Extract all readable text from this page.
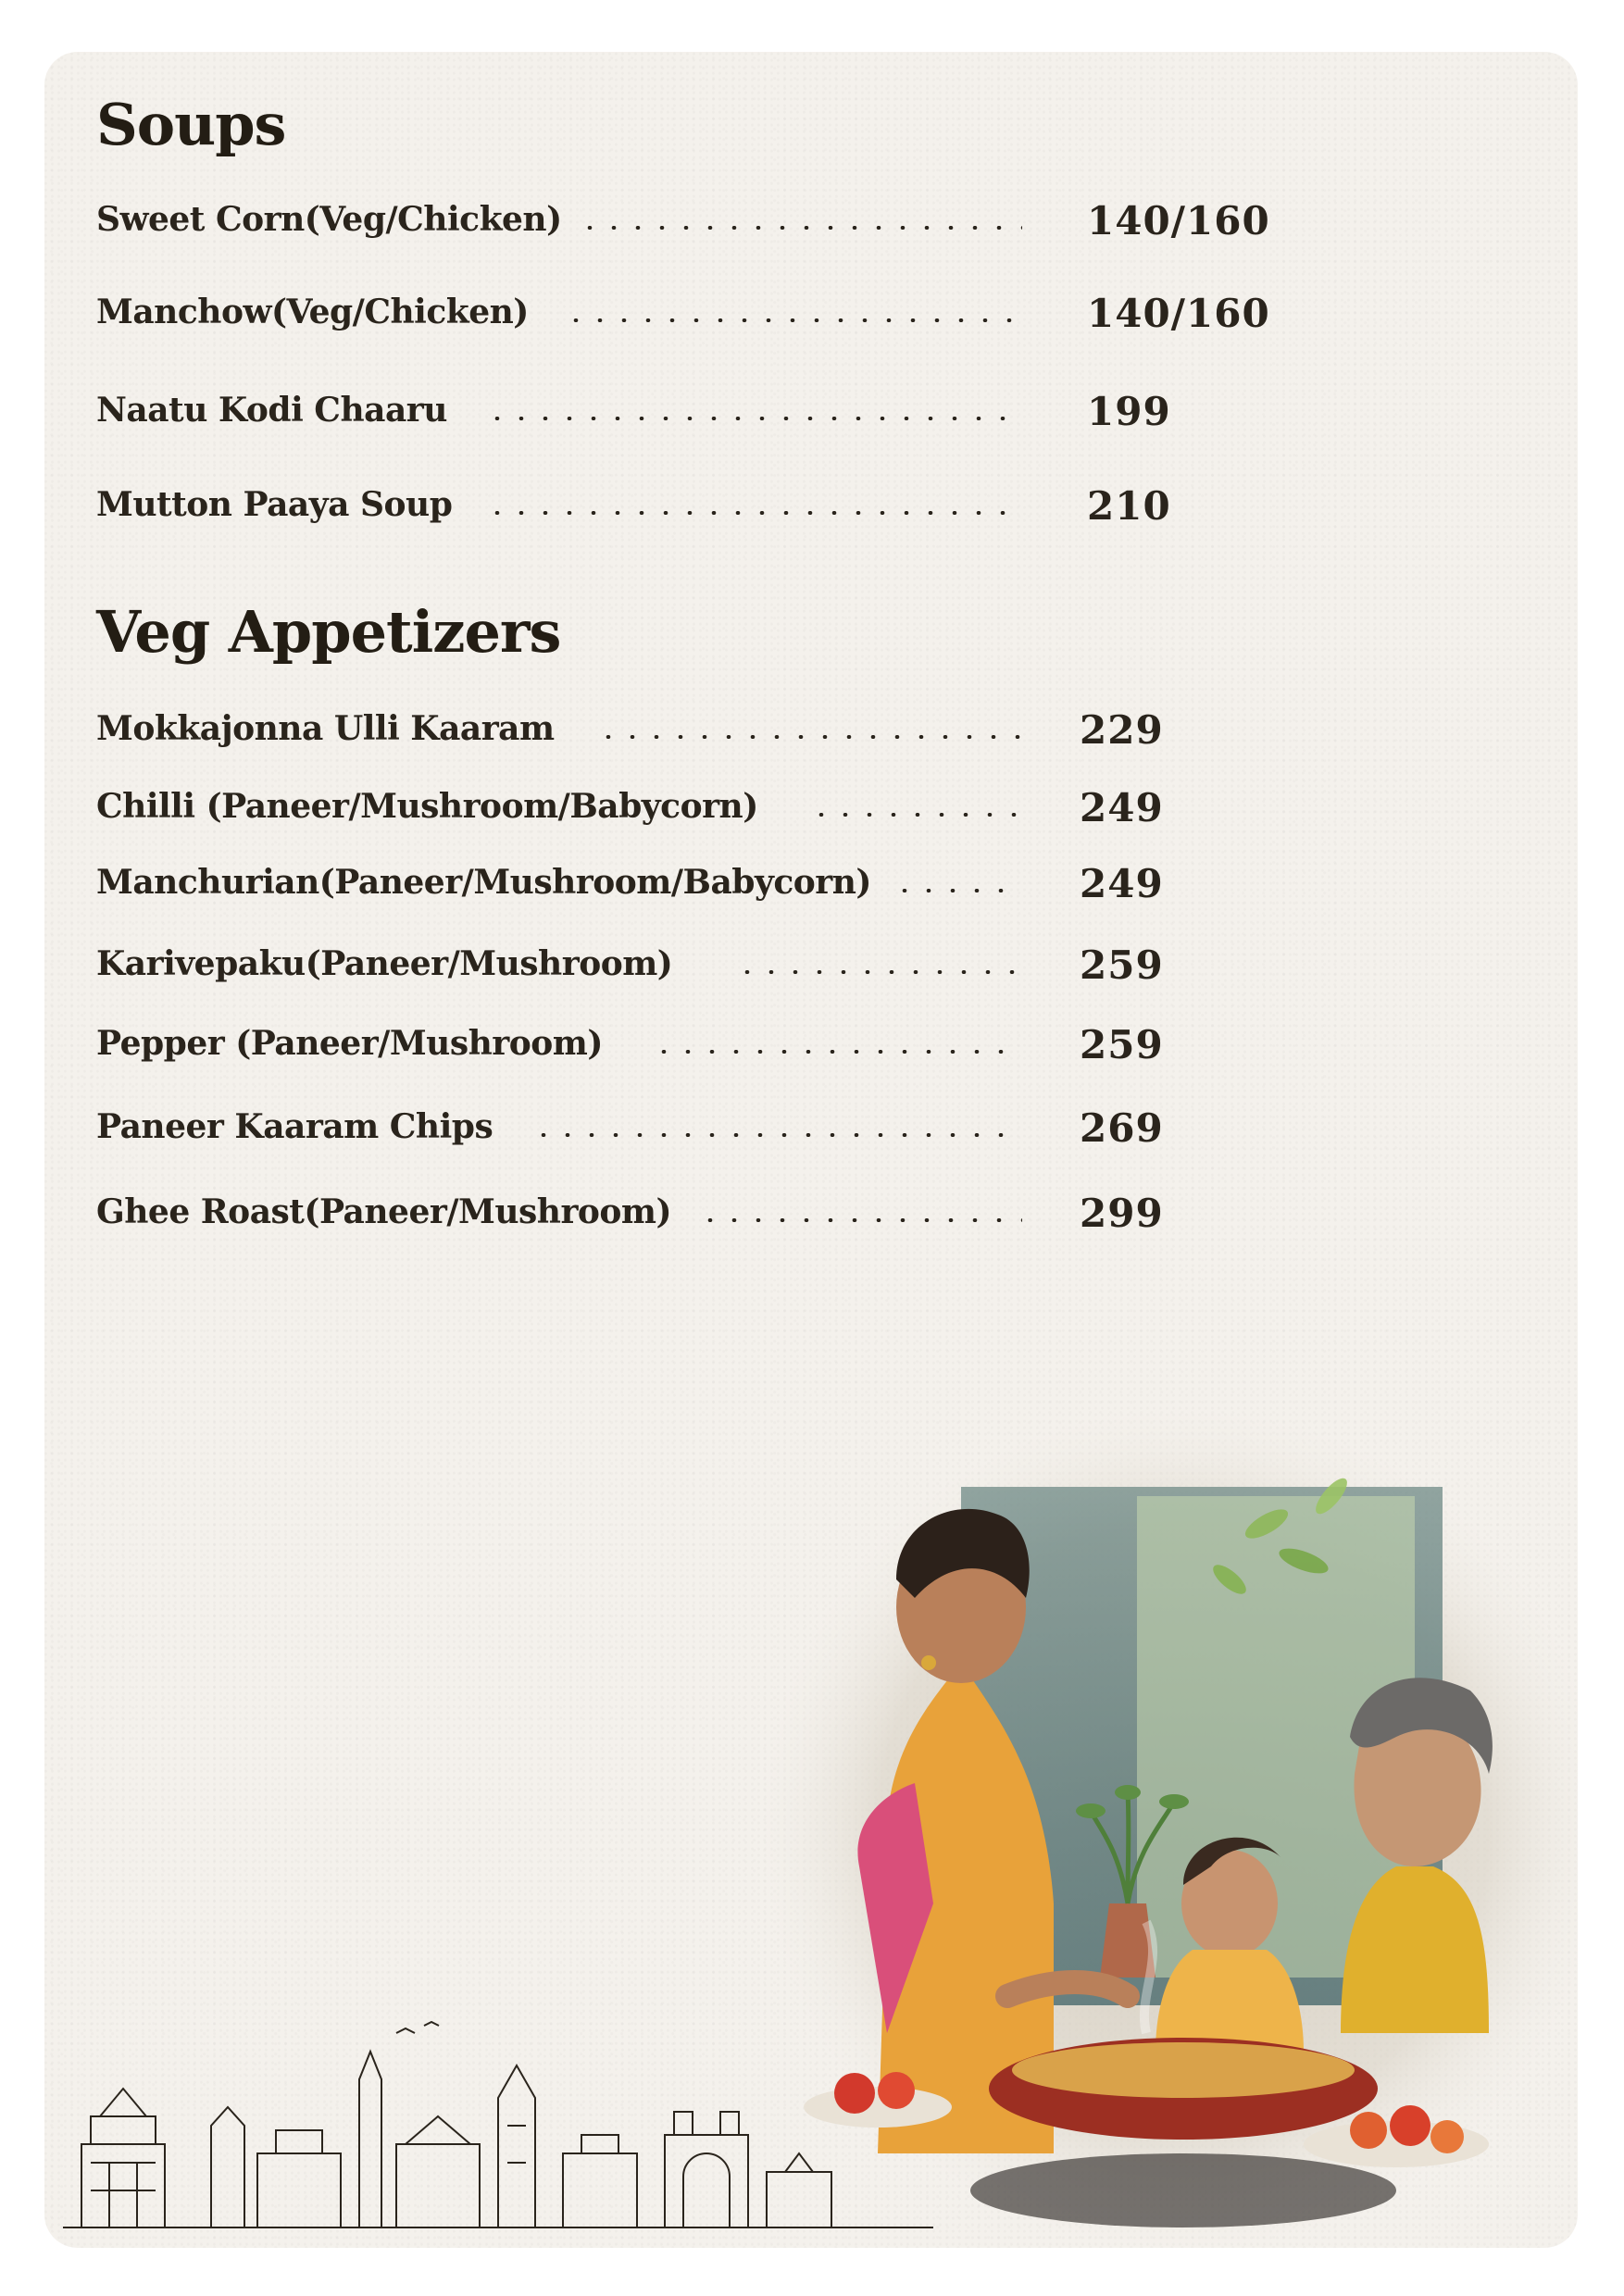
Soups
Sweet Corn(Veg/Chicken)	140/160
Manchow(Veg/Chicken)	140/160
Naatu Kodi Chaaru	199
Mutton Paaya Soup	210
Veg Appetizers
Mokkajonna Ulli Kaaram	229
Chilli (Paneer/Mushroom/Babycorn)	249
Manchurian(Paneer/Mushroom/Babycorn)	249
Karivepaku(Paneer/Mushroom)	259
Pepper (Paneer/Mushroom)	259
Paneer Kaaram Chips	269
Ghee Roast(Paneer/Mushroom)	299
